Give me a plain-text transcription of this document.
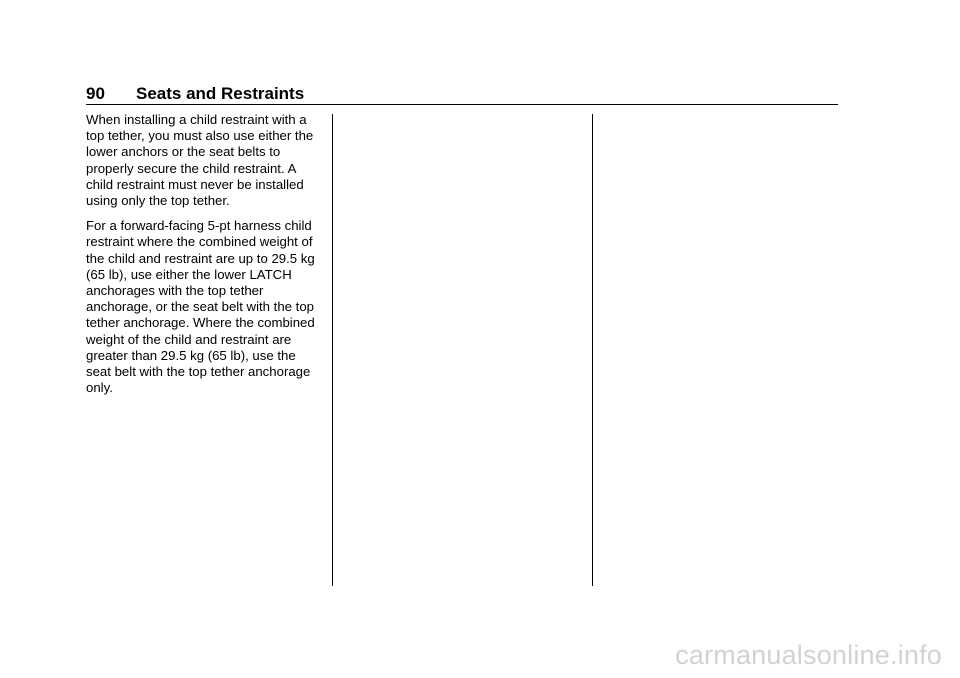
90	Seats and Restraints

When installing a child restraint with a top tether, you must also use either the lower anchors or the seat belts to properly secure the child restraint. A child restraint must never be installed using only the top tether.

For a forward-facing 5-pt harness child restraint where the combined weight of the child and restraint are up to 29.5 kg (65 lb), use either the lower LATCH anchorages with the top tether anchorage, or the seat belt with the top tether anchorage. Where the combined weight of the child and restraint are greater than 29.5 kg (65 lb), use the seat belt with the top tether anchorage only.

carmanualsonline.info
